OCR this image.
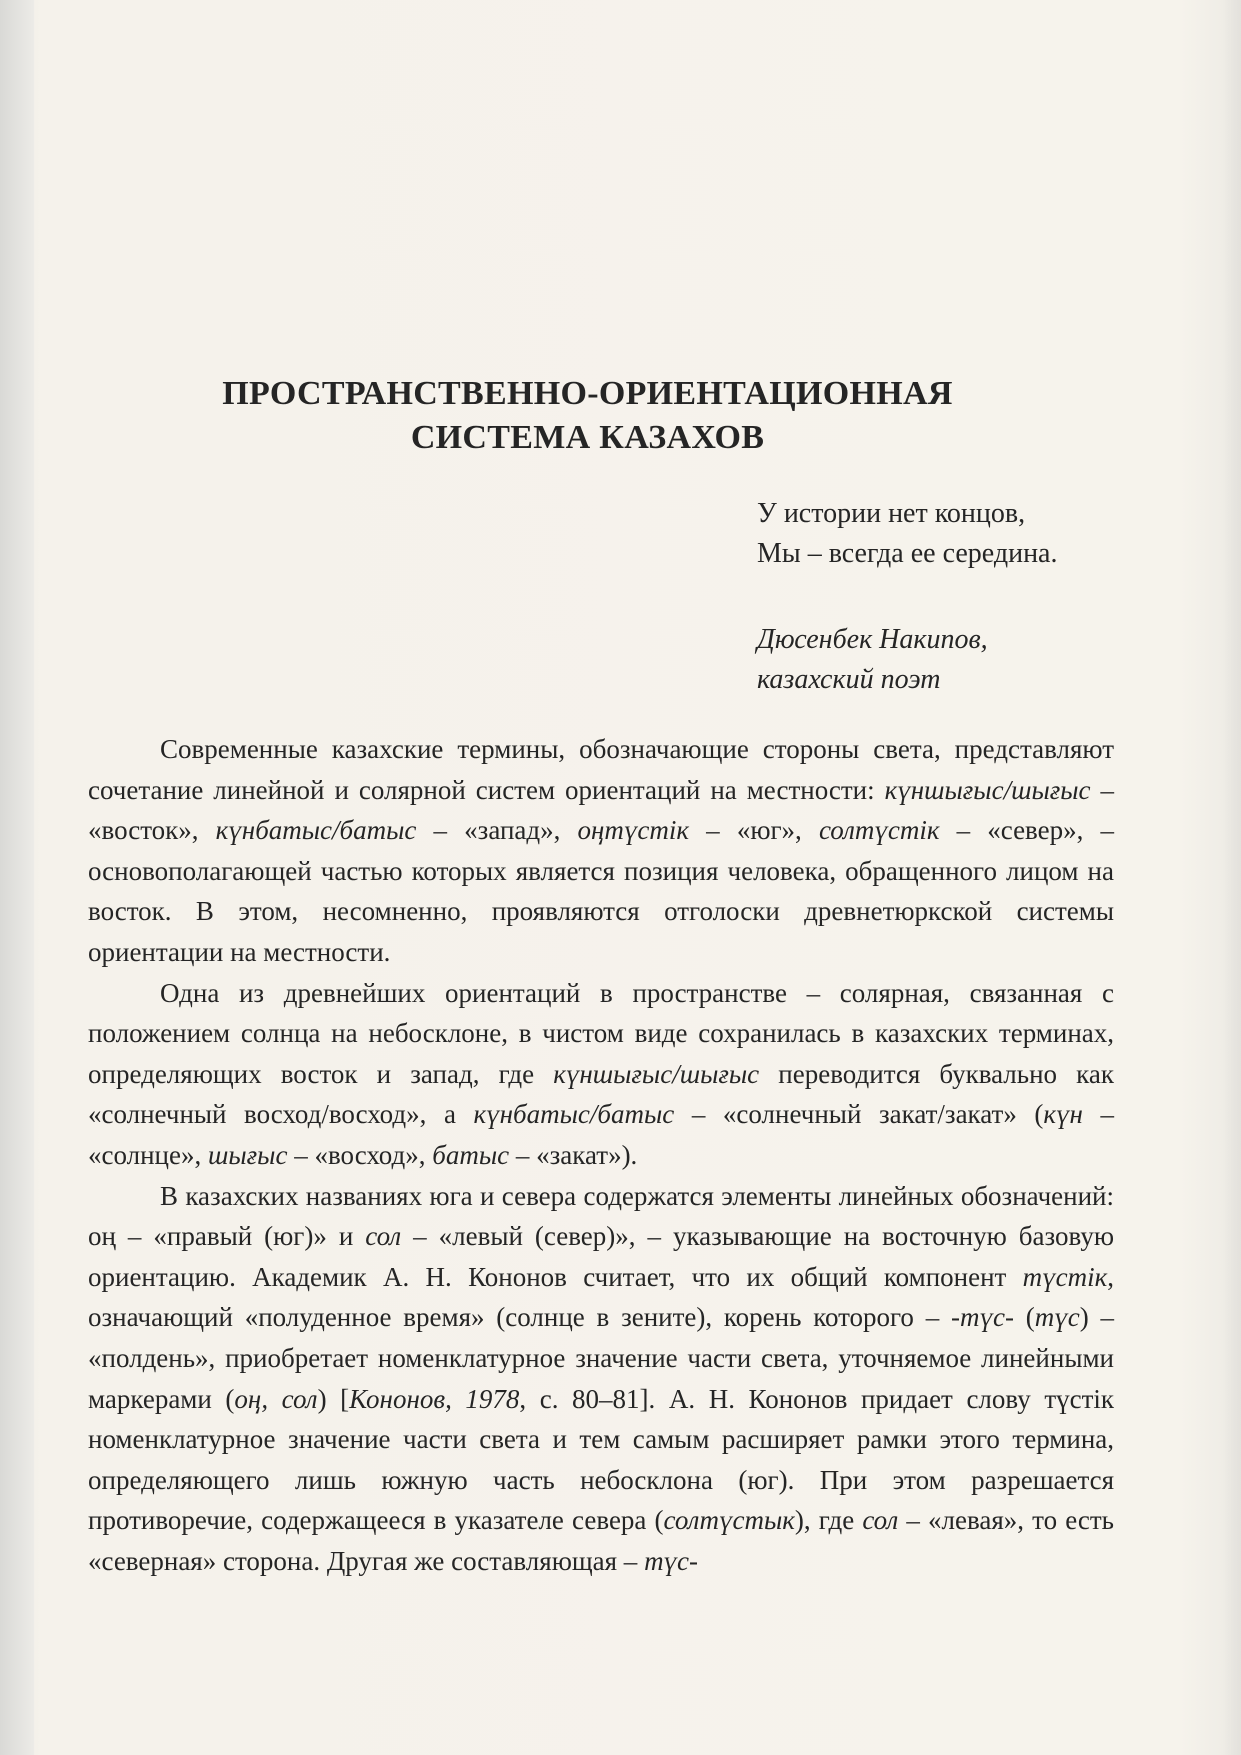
ПРОСТРАНСТВЕННО-ОРИЕНТАЦИОННАЯ
СИСТЕМА КАЗАХОВ
У истории нет концов,
Мы – всегда ее середина.
Дюсенбек Накипов,
казахский поэт

Современные казахские термины, обозначающие стороны света, представляют сочетание линейной и солярной систем ориентаций на местности: күншығыс/шығыс – «восток», күнбатыс/батыс – «запад», оңтүстік – «юг», солтүстік – «север», – основополагающей частью которых является позиция человека, обращенного лицом на восток. В этом, несомненно, проявляются отголоски древнетюркской системы ориентации на местности.

Одна из древнейших ориентаций в пространстве – солярная, связанная с положением солнца на небосклоне, в чистом виде сохранилась в казахских терминах, определяющих восток и запад, где күншығыс/шығыс переводится буквально как «солнечный восход/восход», а күнбатыс/батыс – «солнечный закат/закат» (күн – «солнце», шығыс – «восход», батыс – «закат»).

В казахских названиях юга и севера содержатся элементы линейных обозначений: оң – «правый (юг)» и сол – «левый (север)», – указывающие на восточную базовую ориентацию. Академик А. Н. Кононов считает, что их общий компонент түстік, означающий «полуденное время» (солнце в зените), корень которого – -түс- (түс) – «полдень», приобретает номенклатурное значение части света, уточняемое линейными маркерами (оң, сол) [Кононов, 1978, с. 80–81]. А. Н. Кононов придает слову түстік номенклатурное значение части света и тем самым расширяет рамки этого термина, определяющего лишь южную часть небосклона (юг). При этом разрешается противоречие, содержащееся в указателе севера (солтүстык), где сол – «левая», то есть «северная» сторона. Другая же составляющая – түс-
